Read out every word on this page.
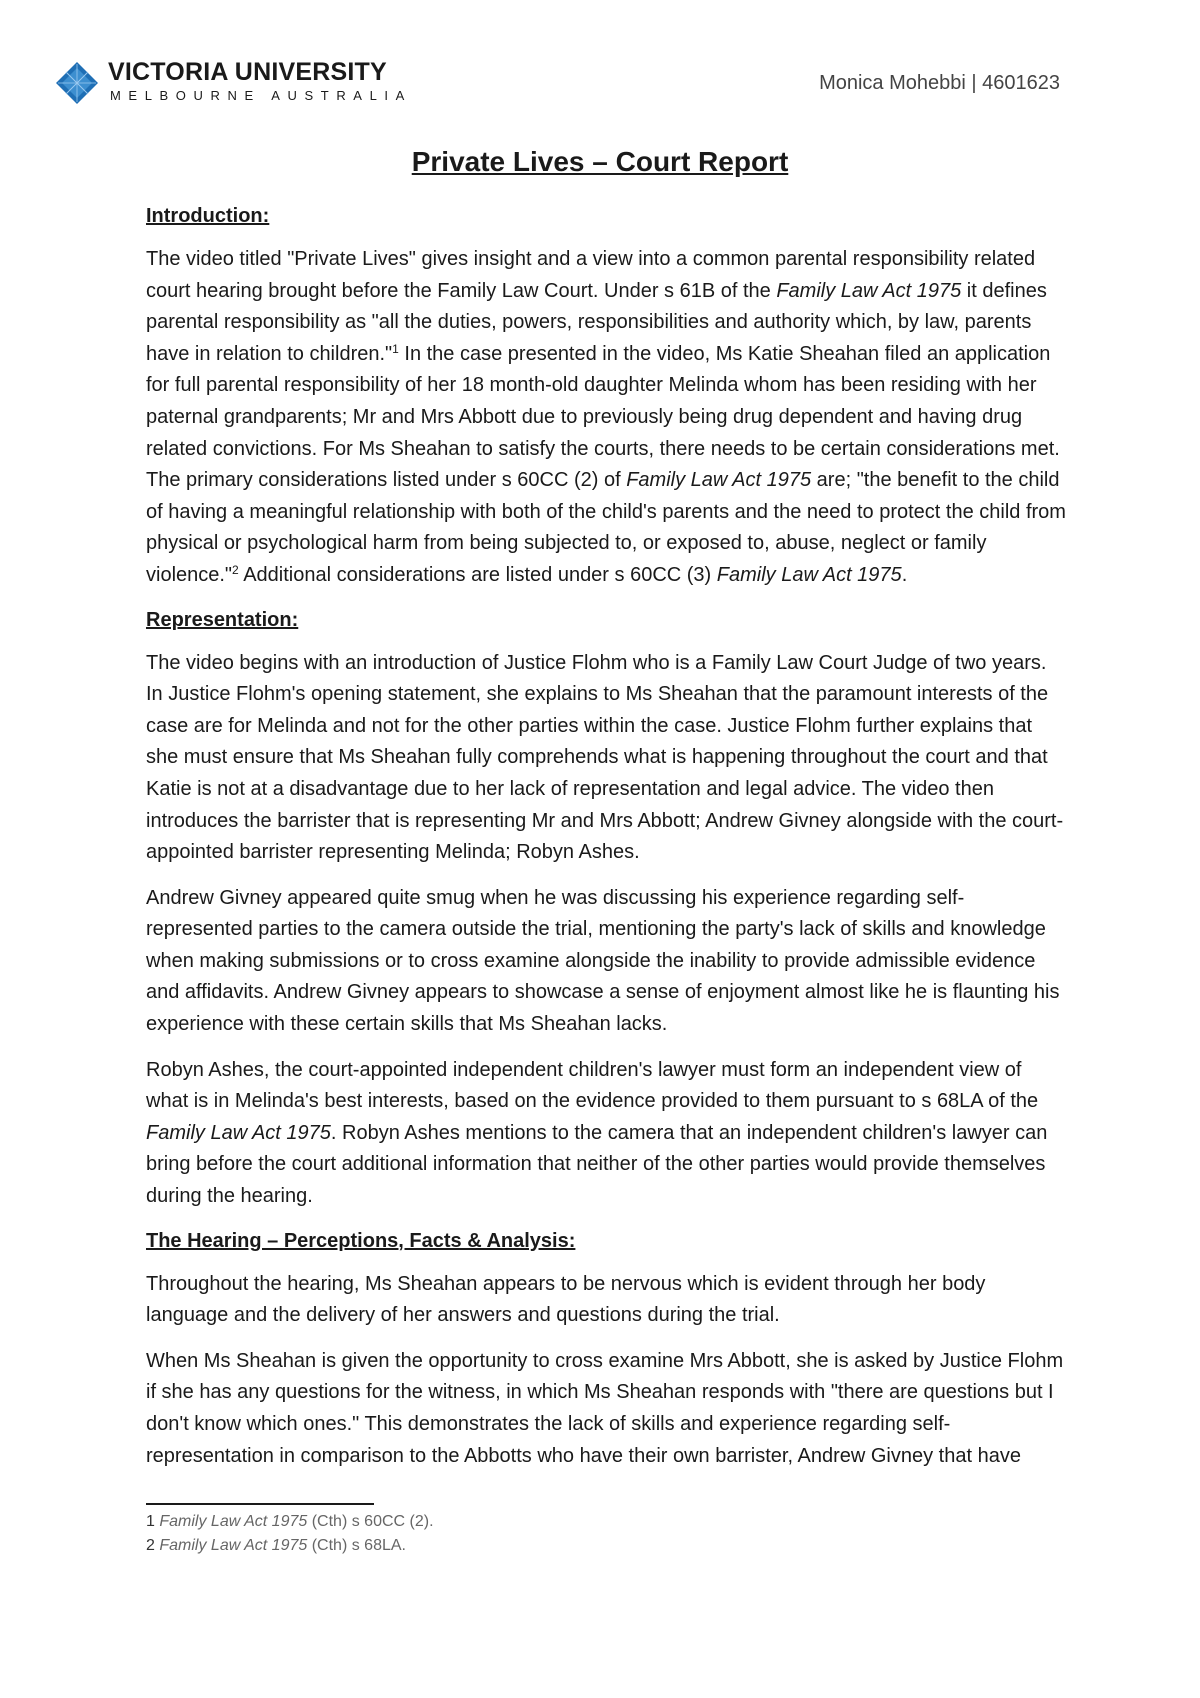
VICTORIA UNIVERSITY
MELBOURNE AUSTRALIA
Monica Mohebbi | 4601623
Private Lives – Court Report
Introduction:

The video titled "Private Lives" gives insight and a view into a common parental responsibility related court hearing brought before the Family Law Court. Under s 61B of the Family Law Act 1975 it defines parental responsibility as "all the duties, powers, responsibilities and authority which, by law, parents have in relation to children."$^1$ In the case presented in the video, Ms Katie Sheahan filed an application for full parental responsibility of her 18 month-old daughter Melinda whom has been residing with her paternal grandparents; Mr and Mrs Abbott due to previously being drug dependent and having drug related convictions. For Ms Sheahan to satisfy the courts, there needs to be certain considerations met. The primary considerations listed under s 60CC (2) of Family Law Act 1975 are; "the benefit to the child of having a meaningful relationship with both of the child's parents and the need to protect the child from physical or psychological harm from being subjected to, or exposed to, abuse, neglect or family violence."$^2$ Additional considerations are listed under s 60CC (3) Family Law Act 1975.

Representation:

The video begins with an introduction of Justice Flohm who is a Family Law Court Judge of two years. In Justice Flohm's opening statement, she explains to Ms Sheahan that the paramount interests of the case are for Melinda and not for the other parties within the case. Justice Flohm further explains that she must ensure that Ms Sheahan fully comprehends what is happening throughout the court and that Katie is not at a disadvantage due to her lack of representation and legal advice. The video then introduces the barrister that is representing Mr and Mrs Abbott; Andrew Givney alongside with the court-appointed barrister representing Melinda; Robyn Ashes.

Andrew Givney appeared quite smug when he was discussing his experience regarding self-represented parties to the camera outside the trial, mentioning the party's lack of skills and knowledge when making submissions or to cross examine alongside the inability to provide admissible evidence and affidavits. Andrew Givney appears to showcase a sense of enjoyment almost like he is flaunting his experience with these certain skills that Ms Sheahan lacks.

Robyn Ashes, the court-appointed independent children's lawyer must form an independent view of what is in Melinda's best interests, based on the evidence provided to them pursuant to s 68LA of the Family Law Act 1975. Robyn Ashes mentions to the camera that an independent children's lawyer can bring before the court additional information that neither of the other parties would provide themselves during the hearing.

The Hearing – Perceptions, Facts & Analysis:

Throughout the hearing, Ms Sheahan appears to be nervous which is evident through her body language and the delivery of her answers and questions during the trial.

When Ms Sheahan is given the opportunity to cross examine Mrs Abbott, she is asked by Justice Flohm if she has any questions for the witness, in which Ms Sheahan responds with "there are questions but I don't know which ones." This demonstrates the lack of skills and experience regarding self-representation in comparison to the Abbotts who have their own barrister, Andrew Givney that have

1 Family Law Act 1975 (Cth) s 60CC (2).
2 Family Law Act 1975 (Cth) s 68LA.
